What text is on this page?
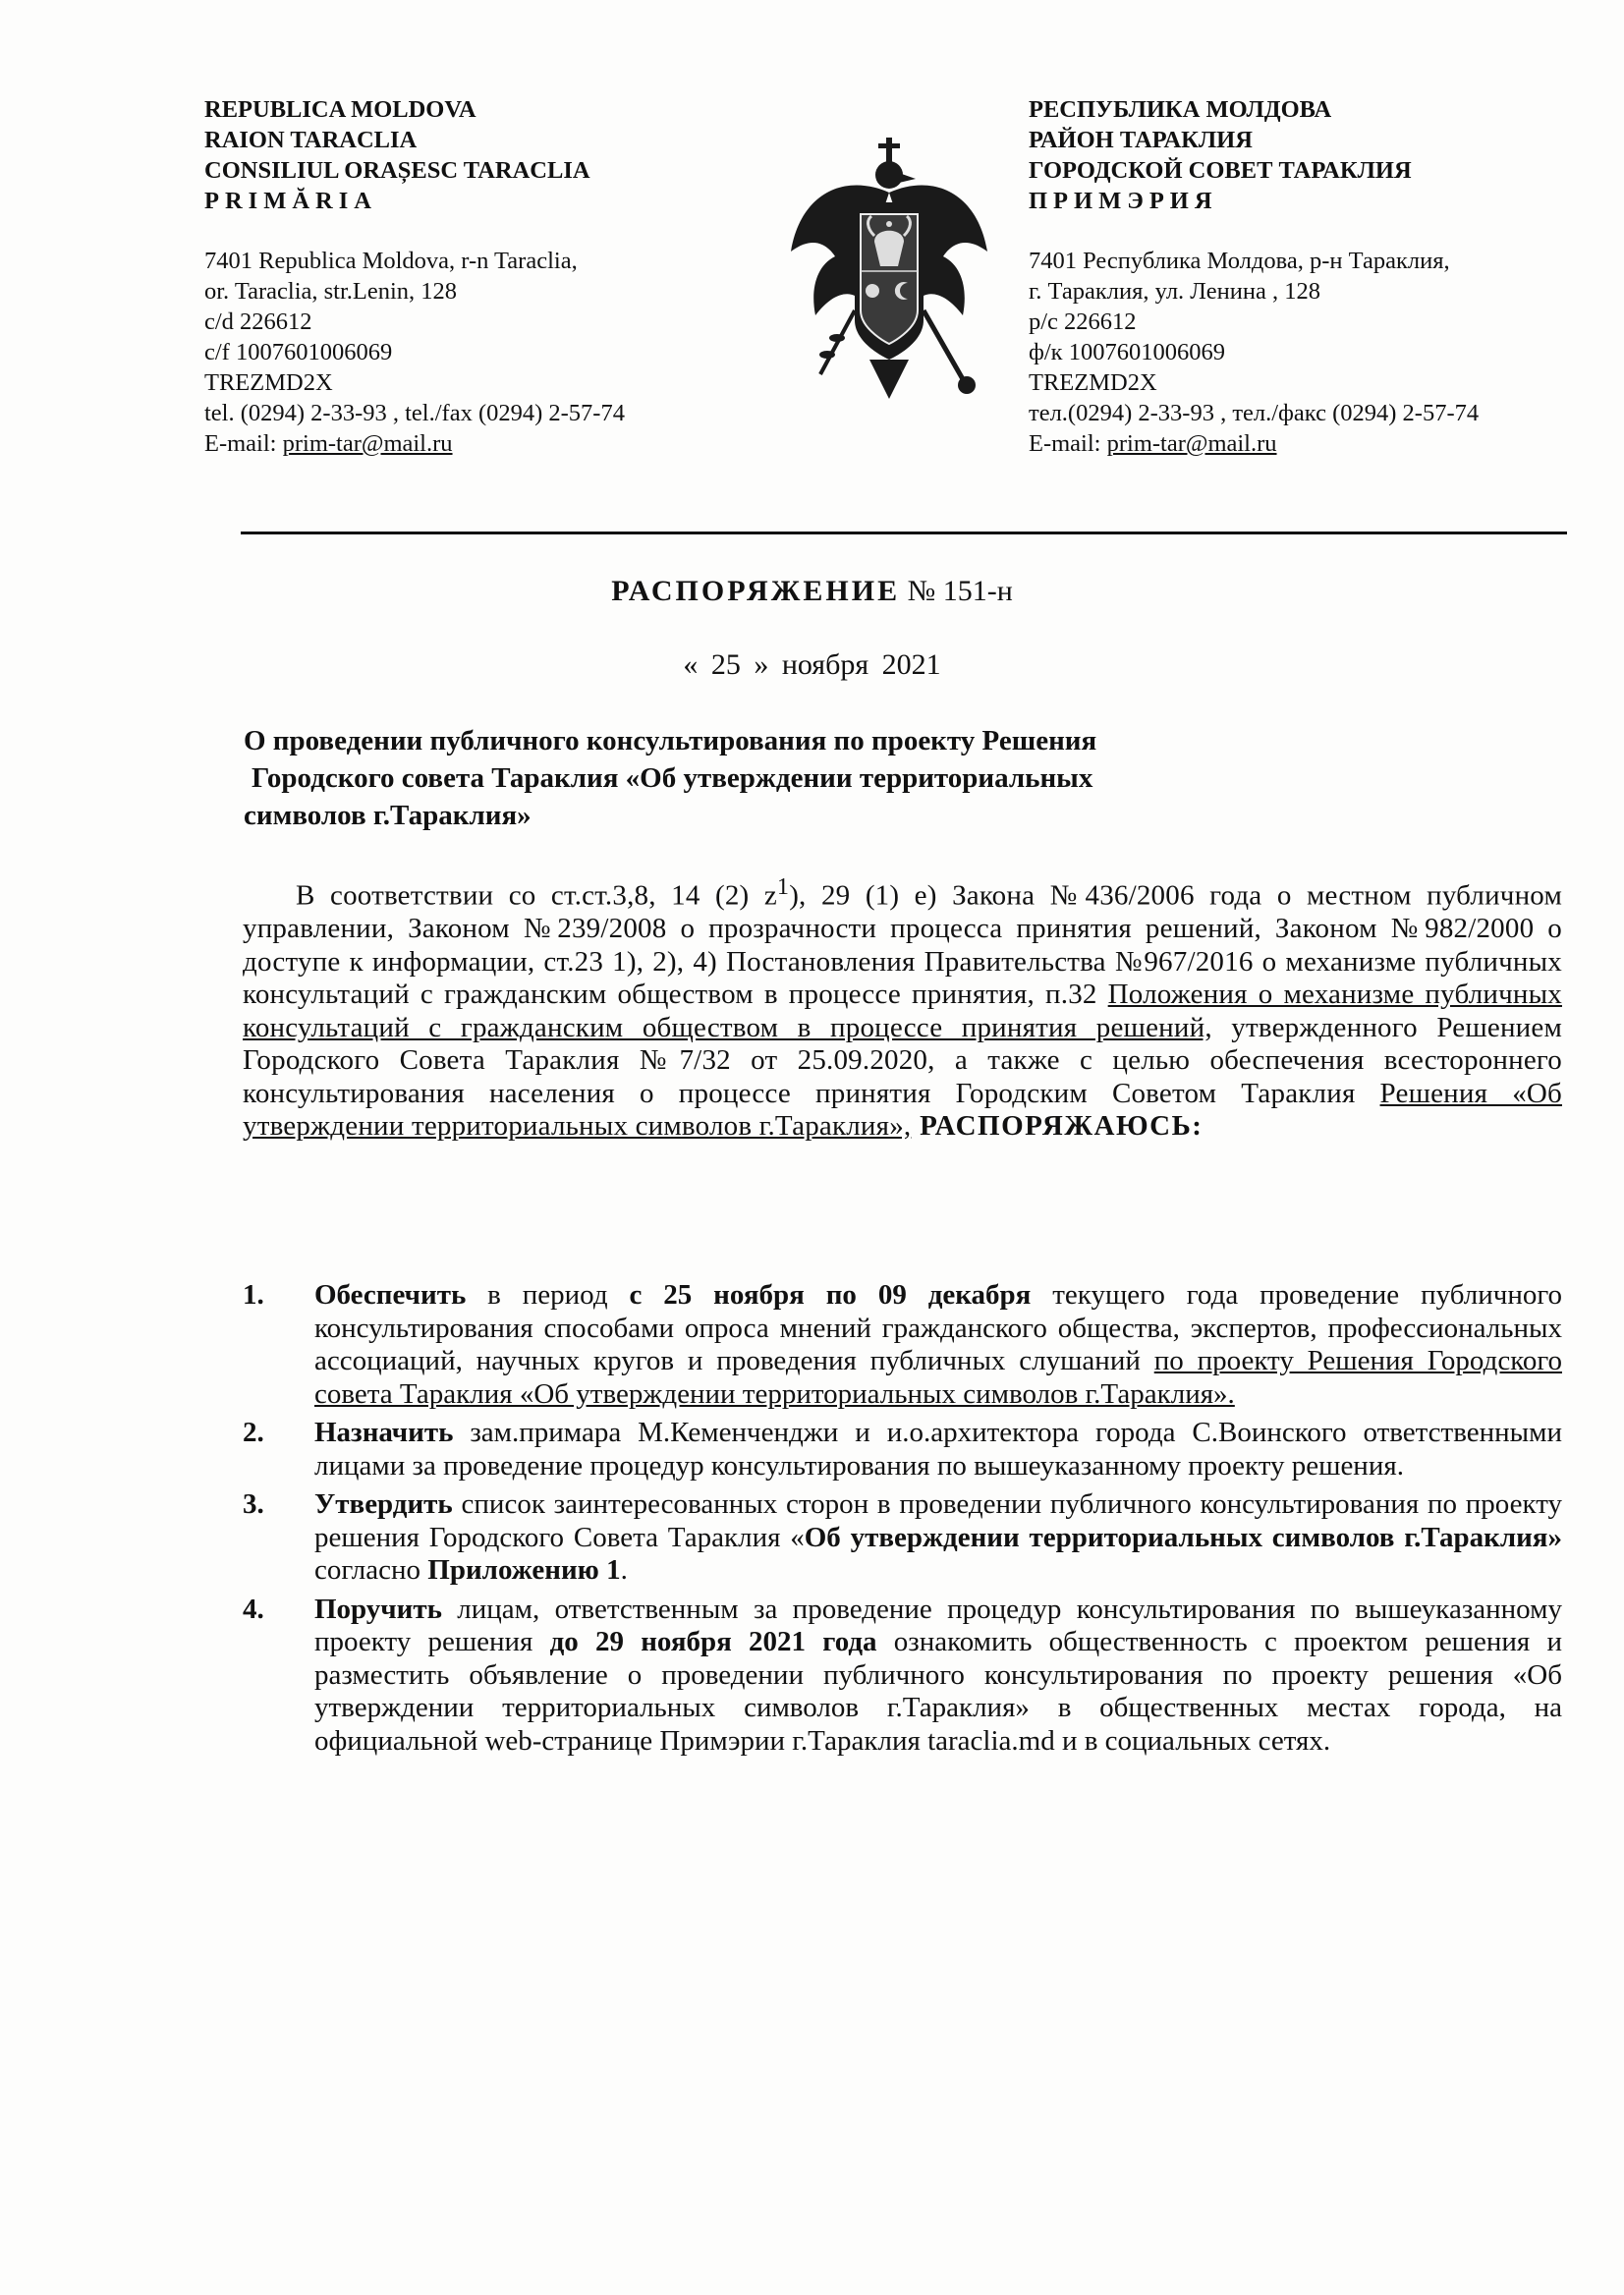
REPUBLICA MOLDOVA
RAION TARACLIA
CONSILIUL ORAȘESC TARACLIA
PRIMĂRIA
7401 Republica Moldova, r-n Taraclia,
or. Taraclia, str.Lenin, 128
c/d 226612
c/f 1007601006069
TREZMD2X
tel. (0294) 2-33-93 , tel./fax (0294) 2-57-74
E-mail: prim-tar@mail.ru
РЕСПУБЛИКА МОЛДОВА
РАЙОН ТАРАКЛИЯ
ГОРОДСКОЙ СОВЕТ ТАРАКЛИЯ
ПРИМЭРИЯ
7401 Республика Молдова, р-н Тараклия,
г. Тараклия, ул. Ленина , 128
р/с 226612
ф/к 1007601006069
TREZMD2X
тел.(0294) 2-33-93 , тел./факс (0294) 2-57-74
E-mail: prim-tar@mail.ru
РАСПОРЯЖЕНИЕ № 151-н
« 25 » ноября 2021
О проведении публичного консультирования по проекту Решения
Городского совета Тараклия «Об утверждении территориальных
символов г.Тараклия»
В соответствии со ст.ст.3,8, 14 (2) $z^1$), 29 (1) е) Закона №436/2006 года о местном публичном управлении, Законом №239/2008 о прозрачности процесса принятия решений, Законом №982/2000 о доступе к информации, ст.23 1), 2), 4) Постановления Правительства №967/2016 о механизме публичных консультаций с гражданским обществом в процессе принятия, п.32 Положения о механизме публичных консультаций с гражданским обществом в процессе принятия решений, утвержденного Решением Городского Совета Тараклия №7/32 от 25.09.2020, а также с целью обеспечения всестороннего консультирования населения о процессе принятия Городским Советом Тараклия Решения «Об утверждении территориальных символов г.Тараклия», РАСПОРЯЖАЮСЬ:
1. Обеспечить в период с 25 ноября по 09 декабря текущего года проведение публичного консультирования способами опроса мнений гражданского общества, экспертов, профессиональных ассоциаций, научных кругов и проведения публичных слушаний по проекту Решения Городского совета Тараклия «Об утверждении территориальных символов г.Тараклия».
2. Назначить зам.примара М.Кеменченджи и и.о.архитектора города С.Воинского ответственными лицами за проведение процедур консультирования по вышеуказанному проекту решения.
3. Утвердить список заинтересованных сторон в проведении публичного консультирования по проекту решения Городского Совета Тараклия «Об утверждении территориальных символов г.Тараклия» согласно Приложению 1.
4. Поручить лицам, ответственным за проведение процедур консультирования по вышеуказанному проекту решения до 29 ноября 2021 года ознакомить общественность с проектом решения и разместить объявление о проведении публичного консультирования по проекту решения «Об утверждении территориальных символов г.Тараклия» в общественных местах города, на официальной web-странице Примэрии г.Тараклия taraclia.md и в социальных сетях.
